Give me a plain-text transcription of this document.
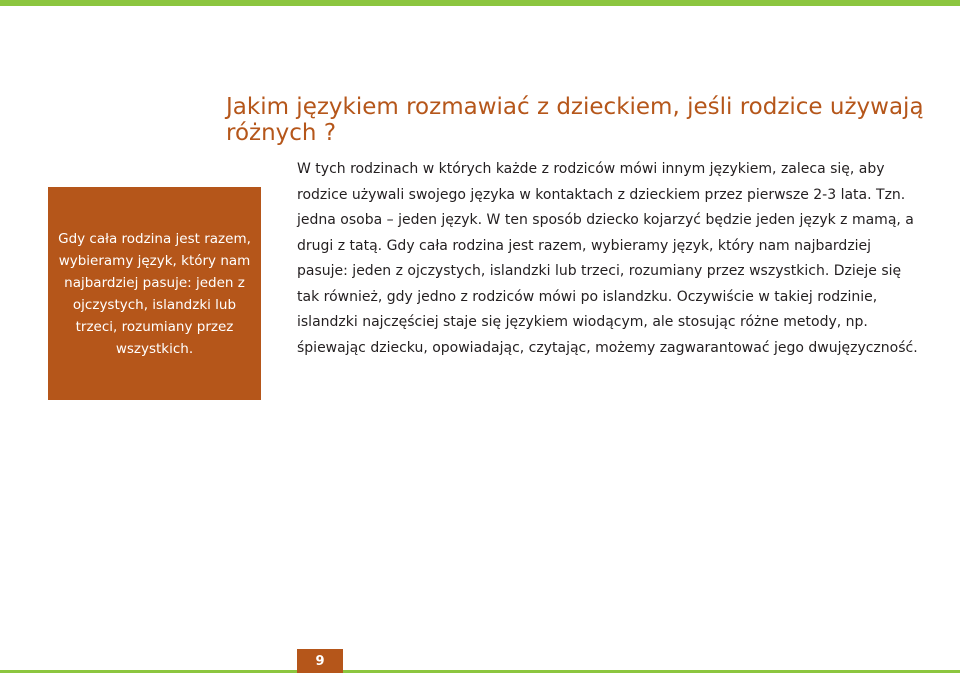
Jakim językiem rozmawiać z dzieckiem, jeśli rodzice używają różnych ?

Gdy cała rodzina jest razem, wybieramy język, który nam najbardziej pasuje: jeden z ojczystych, islandzki lub trzeci, rozumiany przez wszystkich.

W tych rodzinach w których każde z rodziców mówi innym językiem, zaleca się, aby rodzice używali swojego języka w kontaktach z dzieckiem przez pierwsze 2-3 lata. Tzn. jedna osoba – jeden język. W ten sposób dziecko kojarzyć będzie jeden język z mamą, a drugi z tatą. Gdy cała rodzina jest razem, wybieramy język, który nam najbardziej pasuje: jeden z ojczystych, islandzki lub trzeci, rozumiany przez wszystkich. Dzieje się tak również, gdy jedno z rodziców mówi po islandzku. Oczywiście w takiej rodzinie, islandzki najczęściej staje się językiem wiodącym, ale stosując różne metody, np. śpiewając dziecku, opowiadając, czytając, możemy zagwarantować jego dwujęzyczność.

9
